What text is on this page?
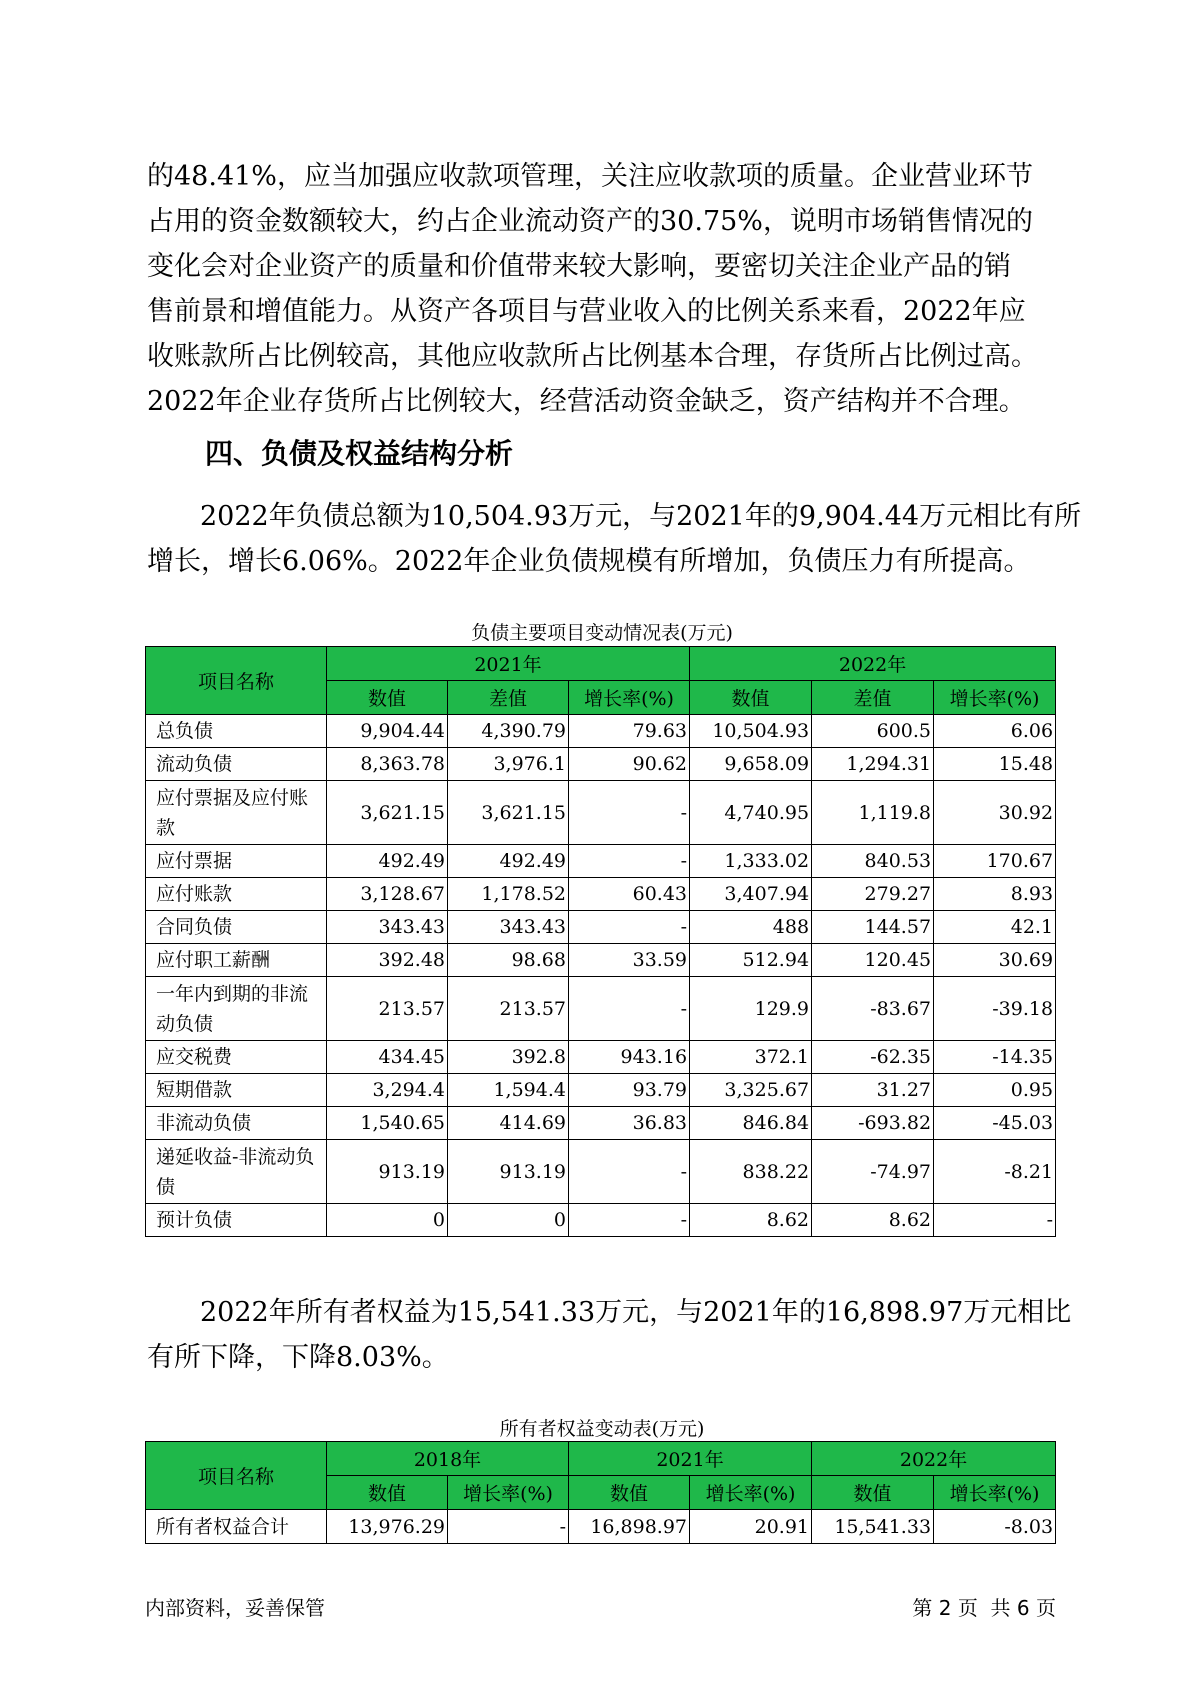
的48.41%，应当加强应收款项管理，关注应收款项的质量。企业营业环节
占用的资金数额较大，约占企业流动资产的30.75%，说明市场销售情况的
变化会对企业资产的质量和价值带来较大影响，要密切关注企业产品的销
售前景和增值能力。从资产各项目与营业收入的比例关系来看，2022年应
收账款所占比例较高，其他应收款所占比例基本合理，存货所占比例过高。
2022年企业存货所占比例较大，经营活动资金缺乏，资产结构并不合理。
四、负债及权益结构分析
2022年负债总额为10,504.93万元，与2021年的9,904.44万元相比有所
增长，增长6.06%。2022年企业负债规模有所增加，负债压力有所提高。
负债主要项目变动情况表(万元)
项目名称	2021年			2022年		
	数值	差值	增长率(%)	数值	差值	增长率(%)
总负债	9,904.44	4,390.79	79.63	10,504.93	600.5	6.06
流动负债	8,363.78	3,976.1	90.62	9,658.09	1,294.31	15.48
应付票据及应付账款	3,621.15	3,621.15	-	4,740.95	1,119.8	30.92
应付票据	492.49	492.49	-	1,333.02	840.53	170.67
应付账款	3,128.67	1,178.52	60.43	3,407.94	279.27	8.93
合同负债	343.43	343.43	-	488	144.57	42.1
应付职工薪酬	392.48	98.68	33.59	512.94	120.45	30.69
一年内到期的非流动负债	213.57	213.57	-	129.9	-83.67	-39.18
应交税费	434.45	392.8	943.16	372.1	-62.35	-14.35
短期借款	3,294.4	1,594.4	93.79	3,325.67	31.27	0.95
非流动负债	1,540.65	414.69	36.83	846.84	-693.82	-45.03
递延收益-非流动负债	913.19	913.19	-	838.22	-74.97	-8.21
预计负债	0	0	-	8.62	8.62	-
2022年所有者权益为15,541.33万元，与2021年的16,898.97万元相比
有所下降，下降8.03%。
所有者权益变动表(万元)
项目名称	2018年		2021年		2022年	
	数值	增长率(%)	数值	增长率(%)	数值	增长率(%)
所有者权益合计	13,976.29	-	16,898.97	20.91	15,541.33	-8.03
内部资料，妥善保管	第 2 页  共 6 页
